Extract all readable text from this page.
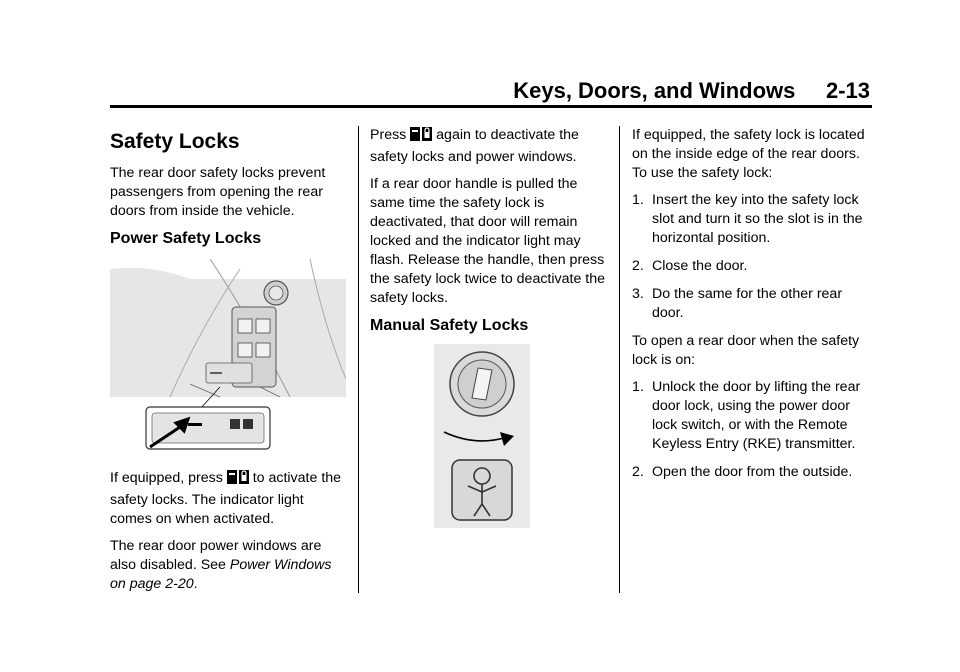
Keys, Doors, and Windows     2-13
Safety Locks

The rear door safety locks prevent passengers from opening the rear doors from inside the vehicle.

Power Safety Locks

If equipped, press to activate the safety locks. The indicator light comes on when activated.

The rear door power windows are also disabled. See Power Windows on page 2-20.

Press again to deactivate the safety locks and power windows.

If a rear door handle is pulled the same time the safety lock is deactivated, that door will remain locked and the indicator light may flash. Release the handle, then press the safety lock twice to deactivate the safety locks.

Manual Safety Locks

If equipped, the safety lock is located on the inside edge of the rear doors. To use the safety lock:

1. Insert the key into the safety lock slot and turn it so the slot is in the horizontal position.
2. Close the door.
3. Do the same for the other rear door.

To open a rear door when the safety lock is on:

1. Unlock the door by lifting the rear door lock, using the power door lock switch, or with the Remote Keyless Entry (RKE) transmitter.
2. Open the door from the outside.
